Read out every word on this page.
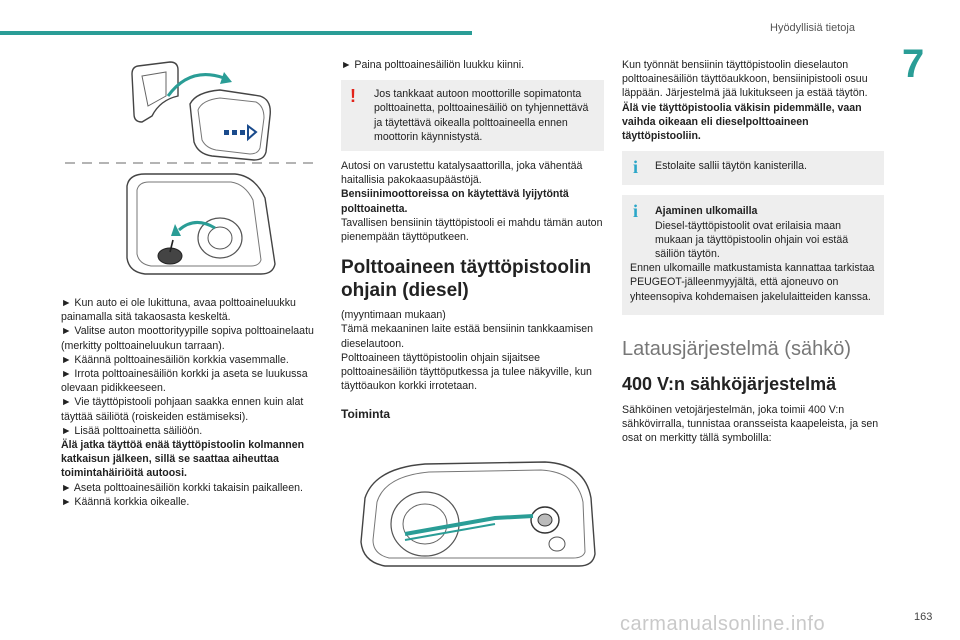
Hyödyllisiä tietoja
7

► Kun auto ei ole lukittuna, avaa polttoaineluukku painamalla sitä takaosasta keskeltä.

► Valitse auton moottorityypille sopiva polttoainelaatu (merkitty polttoaineluukun tarraan).

► Käännä polttoainesäiliön korkkia vasemmalle.

► Irrota polttoainesäiliön korkki ja aseta se luukussa olevaan pidikkeeseen.

► Vie täyttöpistooli pohjaan saakka ennen kuin alat täyttää säiliötä (roiskeiden estämiseksi).

► Lisää polttoainetta säiliöön.

Älä jatka täyttöä enää täyttöpistoolin kolmannen katkaisun jälkeen, sillä se saattaa aiheuttaa toimintahäiriöitä autoosi.

► Aseta polttoainesäiliön korkki takaisin paikalleen.

► Käännä korkkia oikealle.

► Paina polttoainesäiliön luukku kiinni.

!	Jos tankkaat autoon moottorille sopimatonta polttoainetta, polttoainesäiliö on tyhjennettävä ja täytettävä oikealla polttoaineella ennen moottorin käynnistystä.

Autosi on varustettu katalysaattorilla, joka vähentää haitallisia pakokaasupäästöjä.

Bensiinimoottoreissa on käytettävä lyijytöntä polttoainetta.

Tavallisen bensiinin täyttöpistooli ei mahdu tämän auton pienempään täyttöputkeen.

Polttoaineen täyttöpistoolin ohjain (diesel)

(myyntimaan mukaan)

Tämä mekaaninen laite estää bensiinin tankkaamisen dieselautoon.

Polttoaineen täyttöpistoolin ohjain sijaitsee polttoainesäiliön täyttöputkessa ja tulee näkyville, kun täyttöaukon korkki irrotetaan.

Toiminta

Kun työnnät bensiinin täyttöpistoolin dieselauton polttoainesäiliön täyttöaukkoon, bensiinipistooli osuu läppään. Järjestelmä jää lukitukseen ja estää täytön.

Älä vie täyttöpistoolia väkisin pidemmälle, vaan vaihda oikeaan eli dieselpolttoaineen täyttöpistooliin.

i	Estolaite sallii täytön kanisterilla.

i	Ajaminen ulkomailla

Diesel-täyttöpistoolit ovat erilaisia maan mukaan ja täyttöpistoolin ohjain voi estää säiliön täytön.

Ennen ulkomaille matkustamista kannattaa tarkistaa PEUGEOT-jälleenmyyjältä, että ajoneuvo on yhteensopiva kohdemaisen jakelulaitteiden kanssa.

Latausjärjestelmä (sähkö)
400 V:n sähköjärjestelmä

Sähköinen vetojärjestelmän, joka toimii 400 V:n sähkövirralla, tunnistaa oransseista kaapeleista, ja sen osat on merkitty tällä symbolilla:

carmanualsonline.info	163
